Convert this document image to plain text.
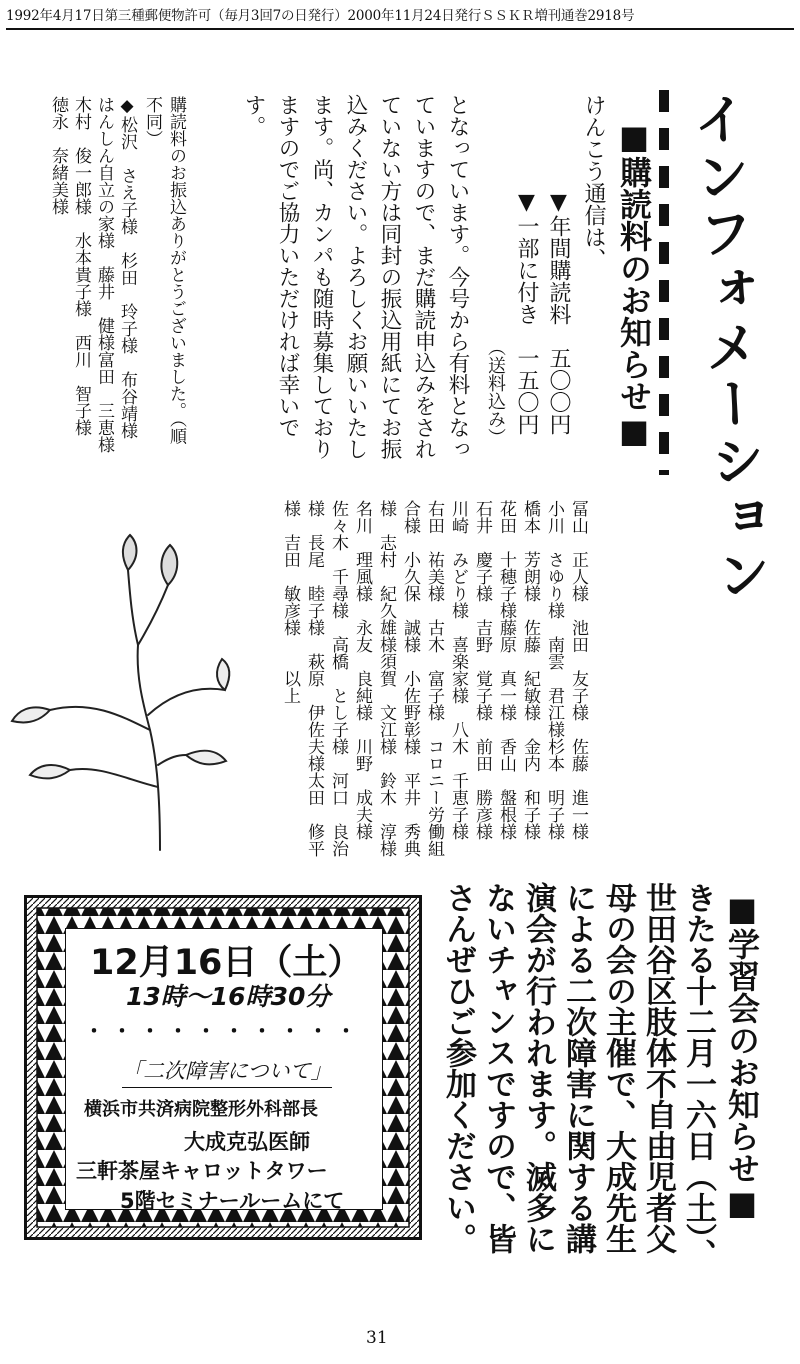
1992年4月17日第三種郵便物許可（毎月3回7の日発行）2000年11月24日発行ＳＳＫＲ増刊通巻2918号
インフォメーション
■購読料のお知らせ■
けんこう通信は、
▼年間購読料　五〇〇円
▼一部に付き　一五〇円
（送料込み）
となっています。今号から有料となっていますので、まだ購読申込みをされていない方は同封の振込用紙にてお振込みください。よろしくお願いいたします。尚、カンパも随時募集しておりますのでご協力いただければ幸いです。
購読料のお振込ありがとうございました。（順不同）
◆松沢　さえ子様　杉田　玲子様　布谷靖様　はんしん自立の家様　藤井　健様富田　三恵様　木村　俊一郎様　水本貴子様　西川　智子様　徳永　奈緒美様
冨山　正人様　池田　友子様　佐藤　進一様　小川　さゆり様　南雲　君江様杉本　明子様　橋本　芳朗様　佐藤　紀敏様　金内　和子様　花田　十穂子様藤原　真一様　香山　盤根様　石井　慶子様　吉野　覚子様　前田　勝彦様　川崎　みどり様　喜楽家様　八木　千恵子様　右田　祐美様　古木　富子様　コロニー労働組合様　小久保　誠様　小佐野彰様　平井　秀典様　志村　紀久雄様須賀　文江様　鈴木　淳様　名川　理風様　永友　良純様　川野　成夫様　佐々木　千尋様　高橋　とし子様　河口　良治様　長尾　睦子様　萩原　伊佐夫様太田　修平様　吉田　敏彦様　　以上
■学習会のお知らせ■
きたる十二月一六日（土）、世田谷区肢体不自由児者父母の会の主催で、大成先生による二次障害に関する講演会が行われます。滅多にないチャンスですので、皆さんぜひご参加ください。
12月16日（土）
13時〜16時30分
・・・・・・・・・・
「二次障害について」
横浜市共済病院整形外科部長
大成克弘医師
三軒茶屋キャロットタワー
5階セミナールームにて
31
